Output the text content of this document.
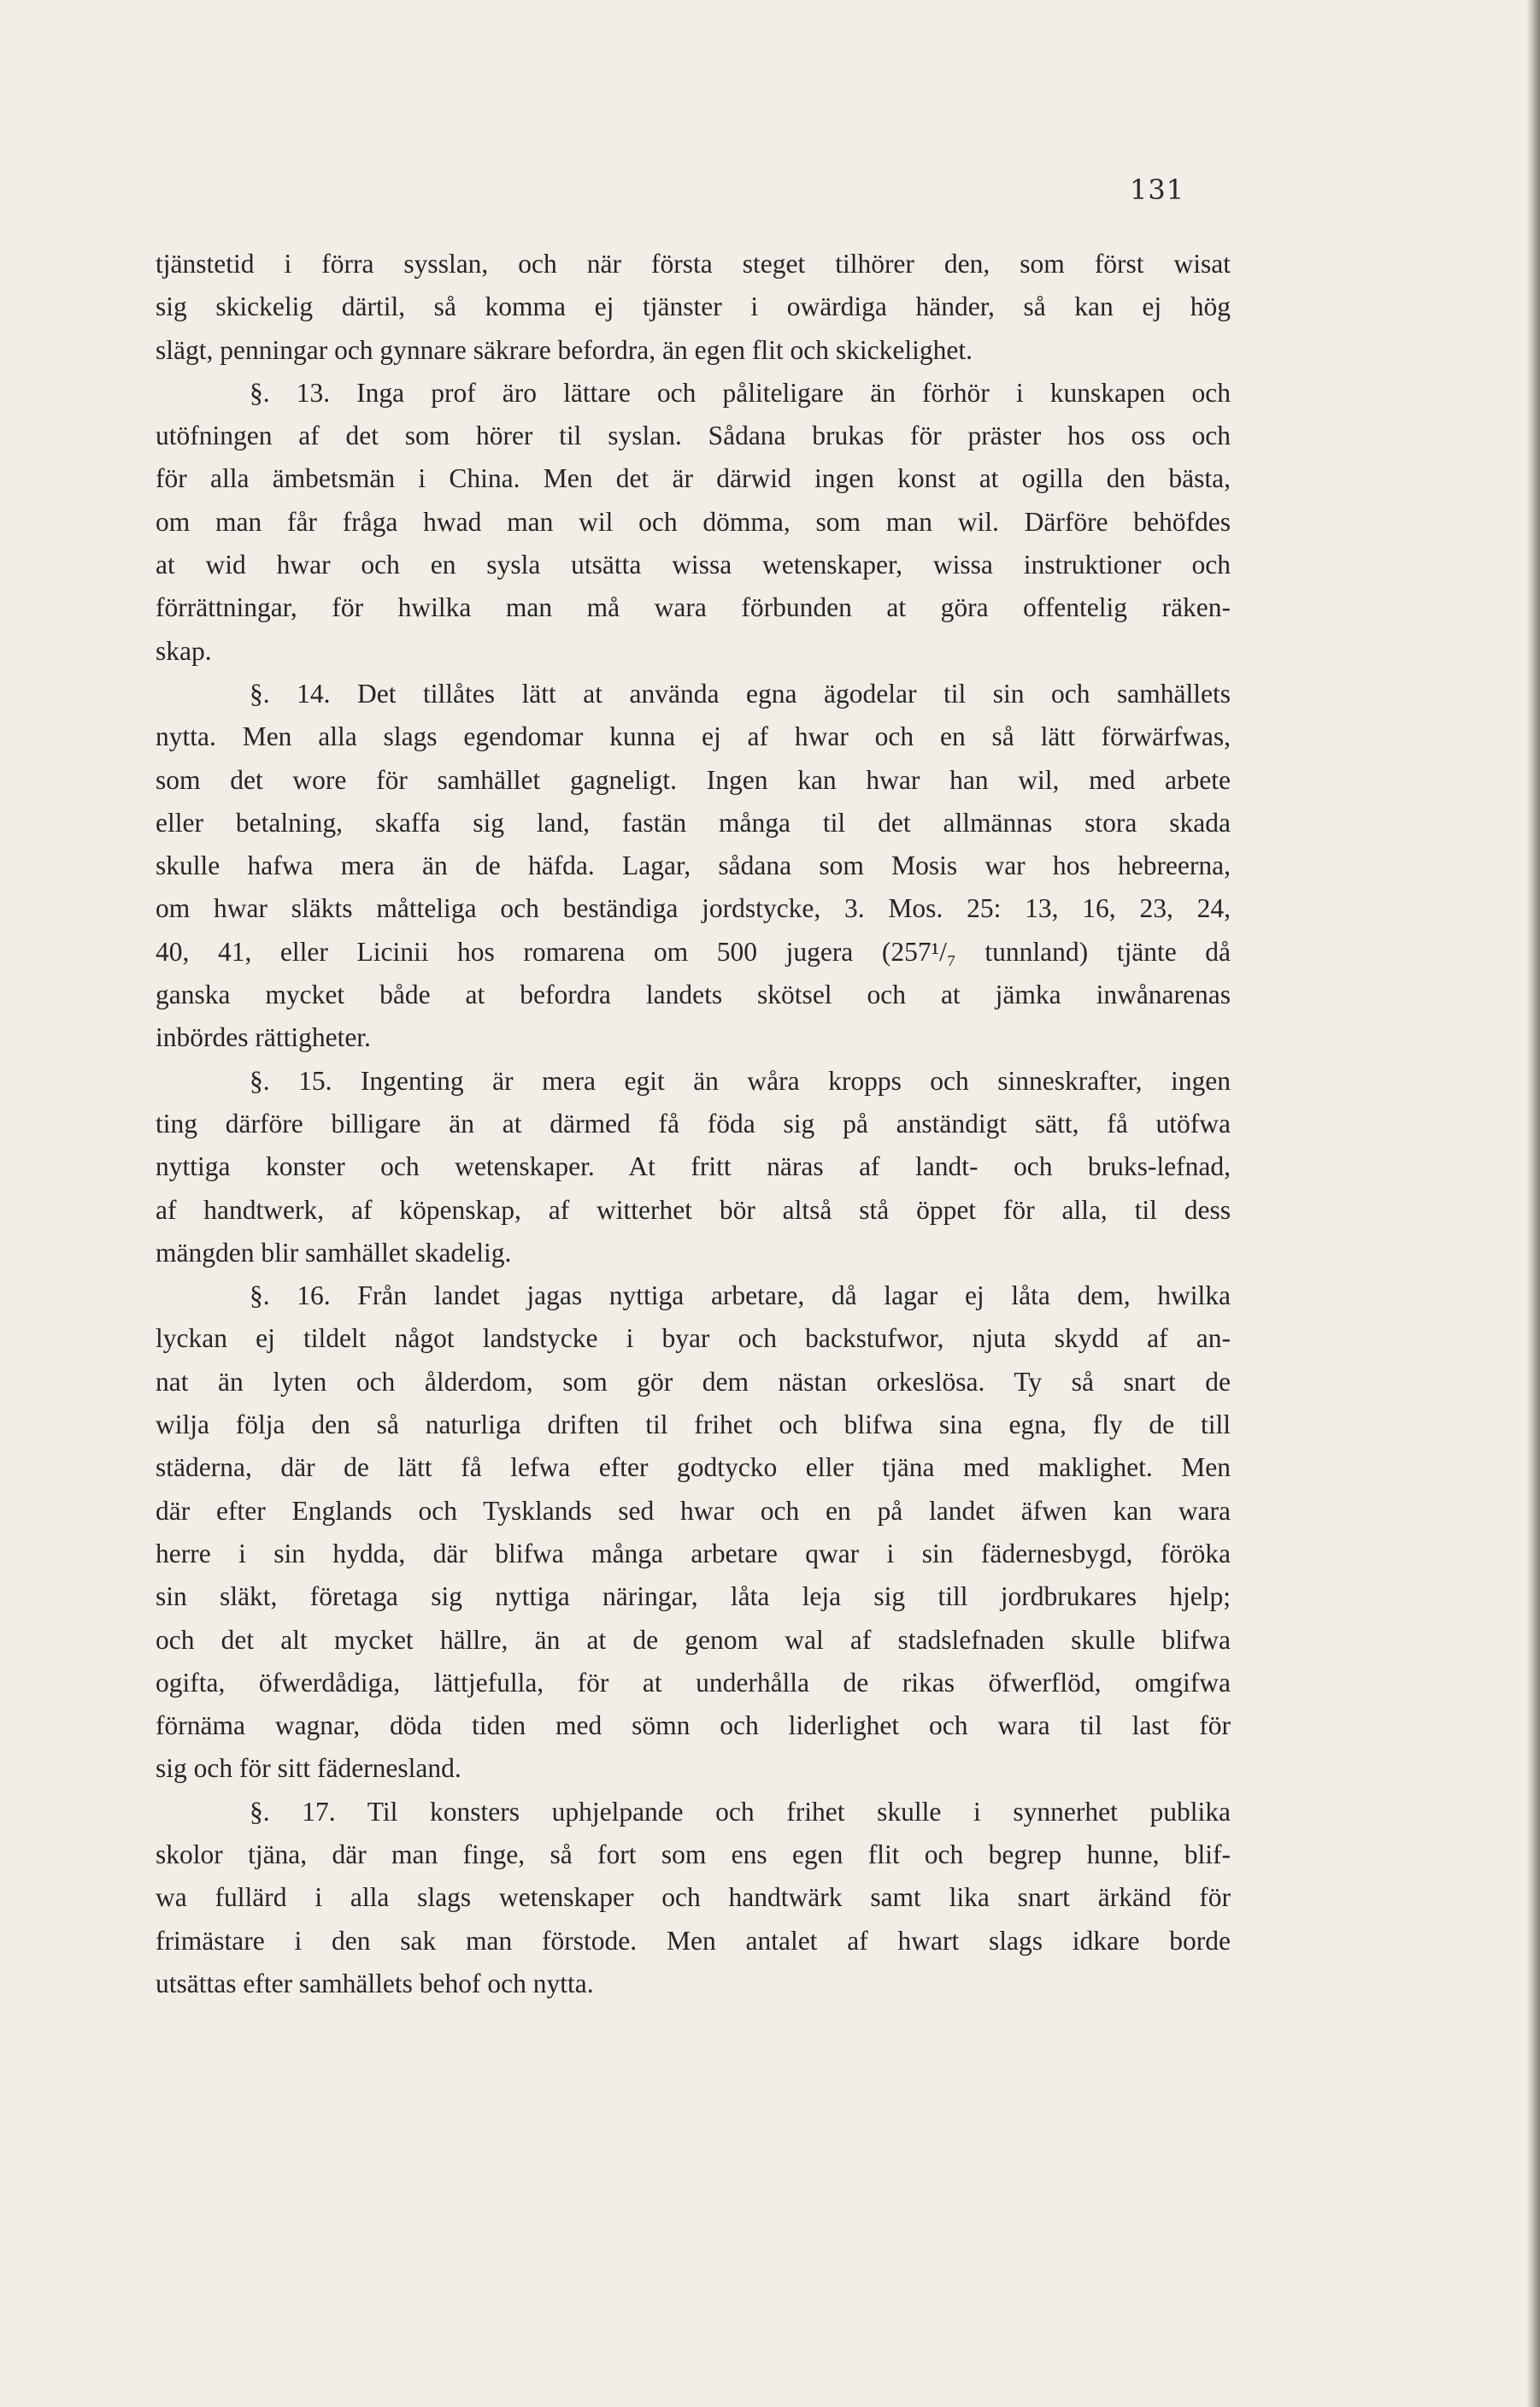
131
tjänstetid i förra sysslan, och när första steget tilhörer den, som först wisat
sig skickelig därtil, så komma ej tjänster i owärdiga händer, så kan ej hög
slägt, penningar och gynnare säkrare befordra, än egen flit och skickelighet.
§. 13. Inga prof äro lättare och påliteligare än förhör i kunskapen och
utöfningen af det som hörer til syslan. Sådana brukas för präster hos oss och
för alla ämbetsmän i China. Men det är därwid ingen konst at ogilla den bästa,
om man får fråga hwad man wil och dömma, som man wil. Därföre behöfdes
at wid hwar och en sysla utsätta wissa wetenskaper, wissa instruktioner och
förrättningar, för hwilka man må wara förbunden at göra offentelig räken-
skap.
§. 14. Det tillåtes lätt at använda egna ägodelar til sin och samhällets
nytta. Men alla slags egendomar kunna ej af hwar och en så lätt förwärfwas,
som det wore för samhället gagneligt. Ingen kan hwar han wil, med arbete
eller betalning, skaffa sig land, fastän många til det allmännas stora skada
skulle hafwa mera än de häfda. Lagar, sådana som Mosis war hos hebreerna,
om hwar släkts måtteliga och beständiga jordstycke, 3. Mos. 25: 13, 16, 23, 24,
40, 41, eller Licinii hos romarena om 500 jugera (257¹/₇ tunnland) tjänte då
ganska mycket både at befordra landets skötsel och at jämka inwånarenas
inbördes rättigheter.
§. 15. Ingenting är mera egit än wåra kropps och sinneskrafter, ingen
ting därföre billigare än at därmed få föda sig på anständigt sätt, få utöfwa
nyttiga konster och wetenskaper. At fritt näras af landt- och bruks-lefnad,
af handtwerk, af köpenskap, af witterhet bör altså stå öppet för alla, til dess
mängden blir samhället skadelig.
§. 16. Från landet jagas nyttiga arbetare, då lagar ej låta dem, hwilka
lyckan ej tildelt något landstycke i byar och backstufwor, njuta skydd af an-
nat än lyten och ålderdom, som gör dem nästan orkeslösa. Ty så snart de
wilja följa den så naturliga driften til frihet och blifwa sina egna, fly de till
städerna, där de lätt få lefwa efter godtycko eller tjäna med maklighet. Men
där efter Englands och Tysklands sed hwar och en på landet äfwen kan wara
herre i sin hydda, där blifwa många arbetare qwar i sin fädernesbygd, föröka
sin släkt, företaga sig nyttiga näringar, låta leja sig till jordbrukares hjelp;
och det alt mycket hällre, än at de genom wal af stadslefnaden skulle blifwa
ogifta, öfwerdådiga, lättjefulla, för at underhålla de rikas öfwerflöd, omgifwa
förnäma wagnar, döda tiden med sömn och liderlighet och wara til last för
sig och för sitt fäderneslаnd.
§. 17. Til konsters uphjelpande och frihet skulle i synnerhet publika
skolor tjäna, där man finge, så fort som ens egen flit och begrep hunne, blif-
wa fullärd i alla slags wetenskaper och handtwärk samt lika snart ärkänd för
frimästare i den sak man förstode. Men antalet af hwart slags idkare borde
utsättas efter samhällets behof och nytta.
